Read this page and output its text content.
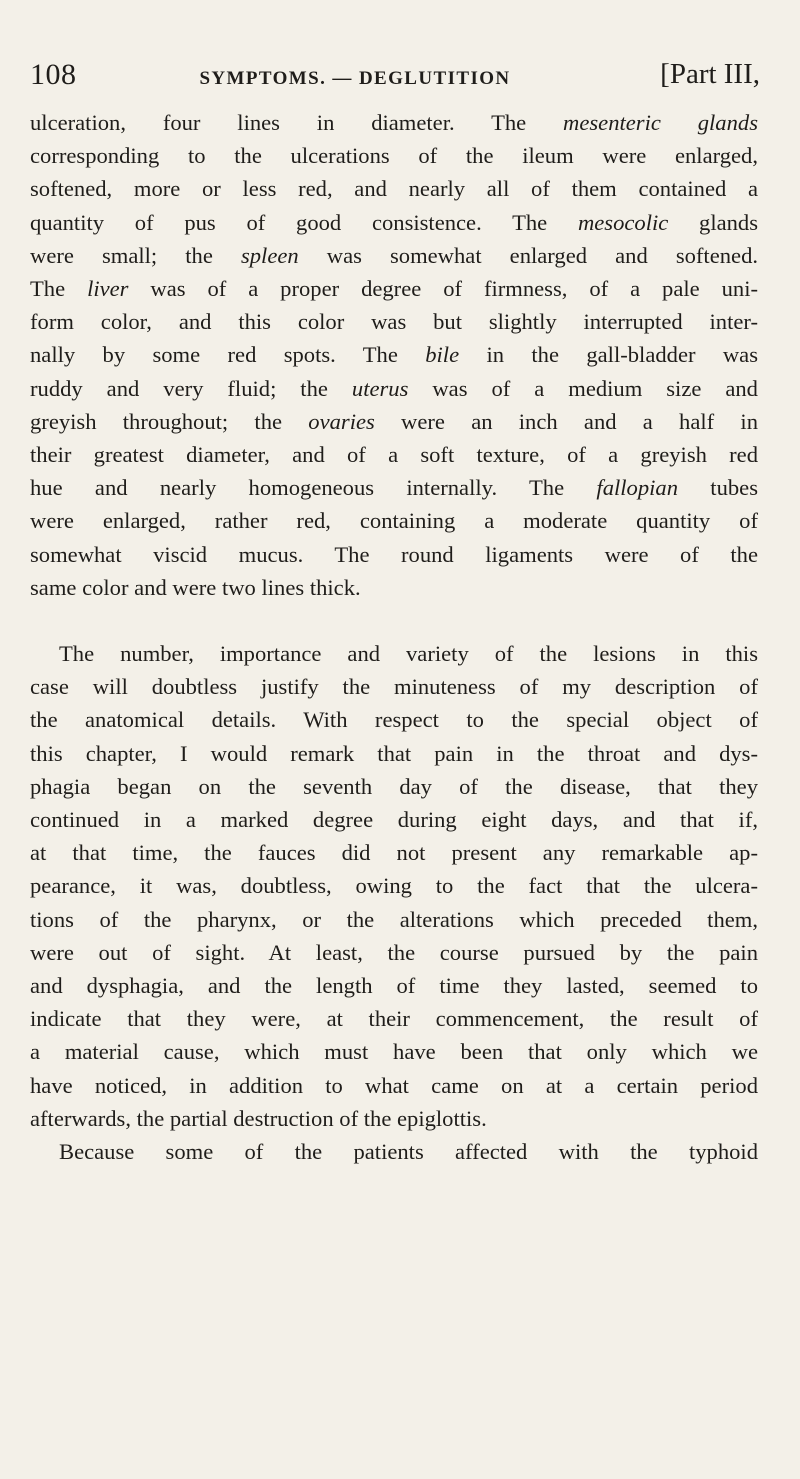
108	SYMPTOMS. — DEGLUTITION	[Part III,
ulceration, four lines in diameter. The mesenteric glands
corresponding to the ulcerations of the ileum were enlarged,
softened, more or less red, and nearly all of them contained a
quantity of pus of good consistence. The mesocolic glands
were small; the spleen was somewhat enlarged and softened.
The liver was of a proper degree of firmness, of a pale uni-
form color, and this color was but slightly interrupted inter-
nally by some red spots. The bile in the gall-bladder was
ruddy and very fluid; the uterus was of a medium size and
greyish throughout; the ovaries were an inch and a half in
their greatest diameter, and of a soft texture, of a greyish red
hue and nearly homogeneous internally. The fallopian tubes
were enlarged, rather red, containing a moderate quantity of
somewhat viscid mucus. The round ligaments were of the
same color and were two lines thick.
The number, importance and variety of the lesions in this
case will doubtless justify the minuteness of my description of
the anatomical details. With respect to the special object of
this chapter, I would remark that pain in the throat and dys-
phagia began on the seventh day of the disease, that they
continued in a marked degree during eight days, and that if,
at that time, the fauces did not present any remarkable ap-
pearance, it was, doubtless, owing to the fact that the ulcera-
tions of the pharynx, or the alterations which preceded them,
were out of sight. At least, the course pursued by the pain
and dysphagia, and the length of time they lasted, seemed to
indicate that they were, at their commencement, the result of
a material cause, which must have been that only which we
have noticed, in addition to what came on at a certain period
afterwards, the partial destruction of the epiglottis.
Because some of the patients affected with the typhoid
